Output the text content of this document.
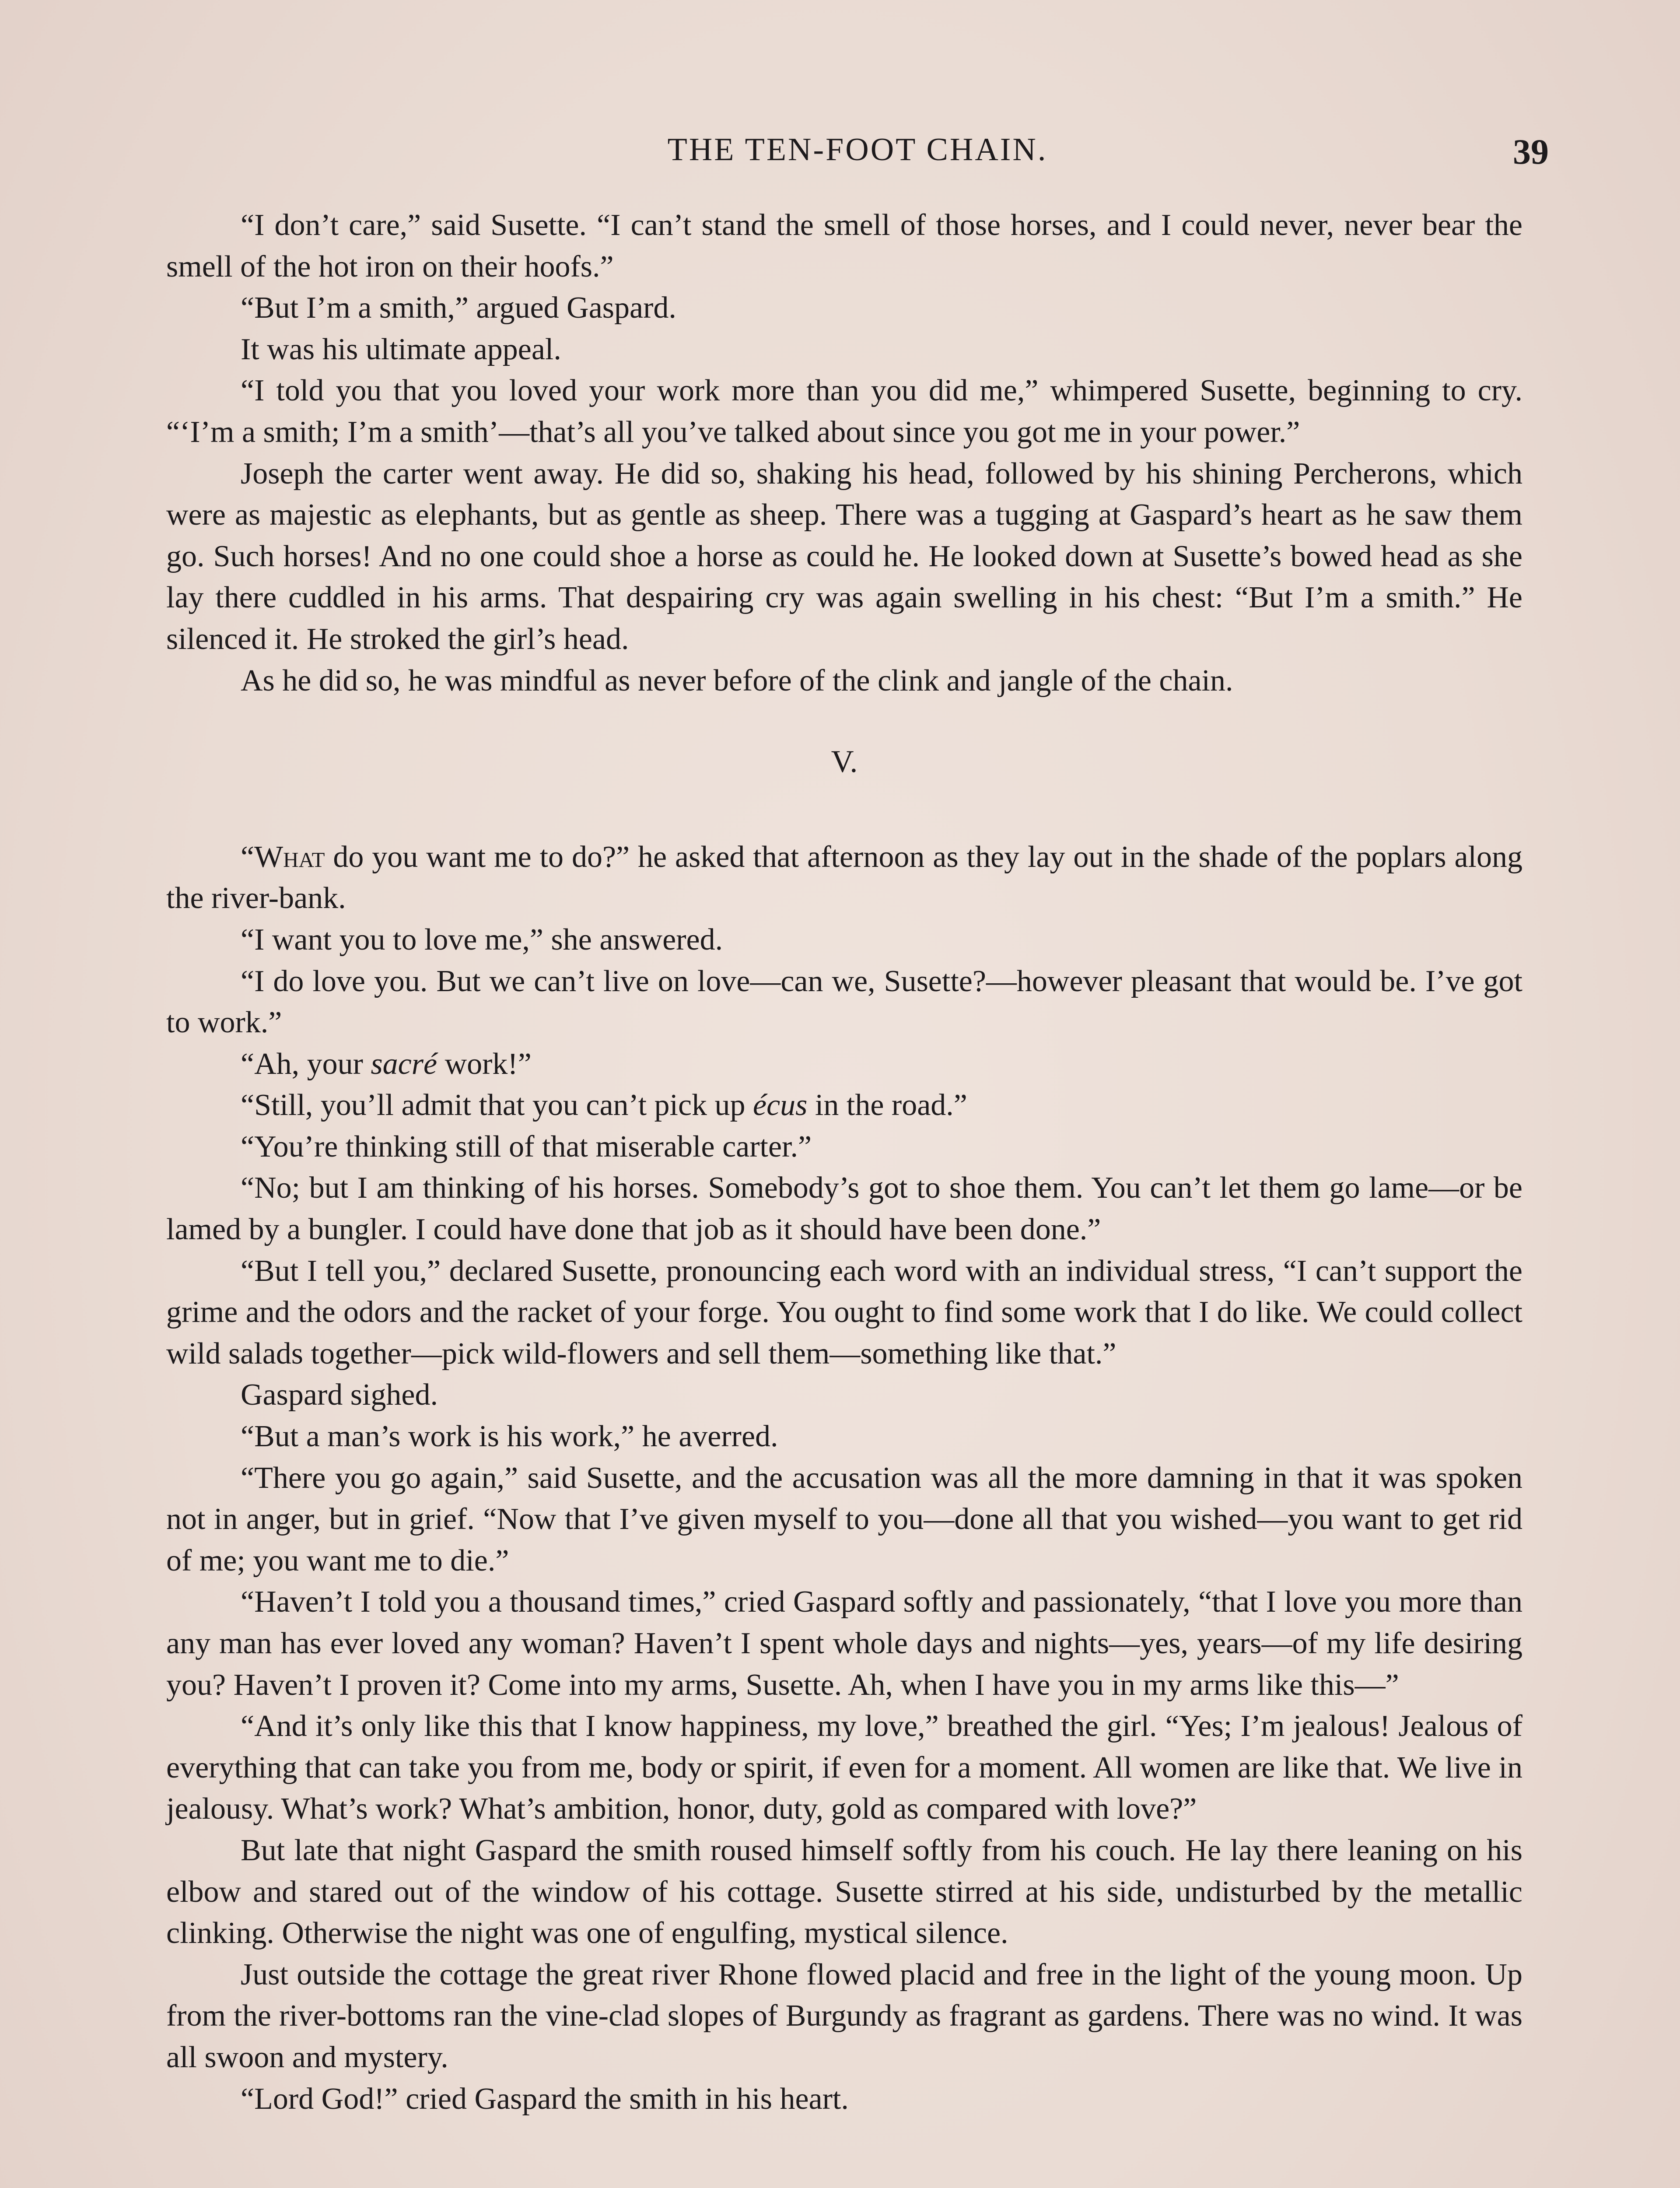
THE TEN-FOOT CHAIN.	39

“I don’t care,” said Susette. “I can’t stand the smell of those horses, and I could never, never bear the smell of the hot iron on their hoofs.”

“But I’m a smith,” argued Gaspard.

It was his ultimate appeal.

“I told you that you loved your work more than you did me,” whimpered Susette, beginning to cry. “‘I’m a smith; I’m a smith’—that’s all you’ve talked about since you got me in your power.”

Joseph the carter went away. He did so, shaking his head, followed by his shining Percherons, which were as majestic as elephants, but as gentle as sheep. There was a tugging at Gaspard’s heart as he saw them go. Such horses! And no one could shoe a horse as could he. He looked down at Susette’s bowed head as she lay there cuddled in his arms. That despairing cry was again swelling in his chest: “But I’m a smith.” He silenced it. He stroked the girl’s head.

As he did so, he was mindful as never before of the clink and jangle of the chain.

V.

“What do you want me to do?” he asked that afternoon as they lay out in the shade of the poplars along the river-bank.

“I want you to love me,” she answered.

“I do love you. But we can’t live on love—can we, Susette?—however pleasant that would be. I’ve got to work.”

“Ah, your sacré work!”

“Still, you’ll admit that you can’t pick up écus in the road.”

“You’re thinking still of that miserable carter.”

“No; but I am thinking of his horses. Somebody’s got to shoe them. You can’t let them go lame—or be lamed by a bungler. I could have done that job as it should have been done.”

“But I tell you,” declared Susette, pronouncing each word with an individual stress, “I can’t support the grime and the odors and the racket of your forge. You ought to find some work that I do like. We could collect wild salads together—pick wild-flowers and sell them—something like that.”

Gaspard sighed.

“But a man’s work is his work,” he averred.

“There you go again,” said Susette, and the accusation was all the more damning in that it was spoken not in anger, but in grief. “Now that I’ve given myself to you—done all that you wished—you want to get rid of me; you want me to die.”

“Haven’t I told you a thousand times,” cried Gaspard softly and passionately, “that I love you more than any man has ever loved any woman? Haven’t I spent whole days and nights—yes, years—of my life desiring you? Haven’t I proven it? Come into my arms, Susette. Ah, when I have you in my arms like this—”

“And it’s only like this that I know happiness, my love,” breathed the girl. “Yes; I’m jealous! Jealous of everything that can take you from me, body or spirit, if even for a moment. All women are like that. We live in jealousy. What’s work? What’s ambition, honor, duty, gold as compared with love?”

But late that night Gaspard the smith roused himself softly from his couch. He lay there leaning on his elbow and stared out of the window of his cottage. Susette stirred at his side, undisturbed by the metallic clinking. Otherwise the night was one of engulfing, mystical silence.

Just outside the cottage the great river Rhone flowed placid and free in the light of the young moon. Up from the river-bottoms ran the vine-clad slopes of Burgundy as fragrant as gardens. There was no wind. It was all swoon and mystery.

“Lord God!” cried Gaspard the smith in his heart.
